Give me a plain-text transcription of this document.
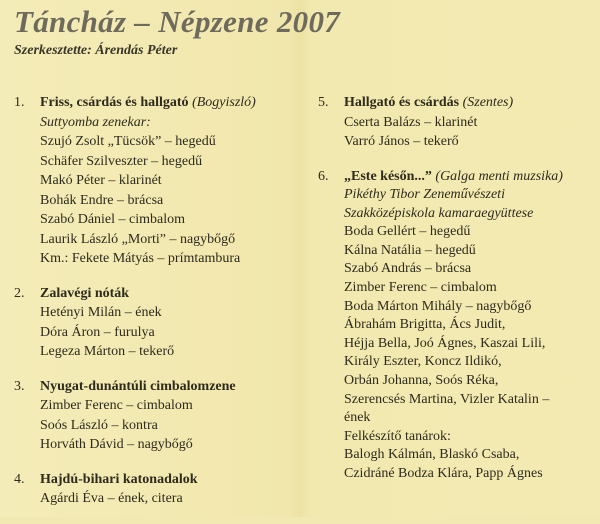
Táncház – Népzene 2007
Szerkesztette: Árendás Péter
1.	Friss, csárdás és hallgató (Bogyiszló)
Suttyomba zenekar:
Szujó Zsolt „Tücsök” – hegedű
Schäfer Szilveszter – hegedű
Makó Péter – klarinét
Bohák Endre – brácsa
Szabó Dániel – cimbalom
Laurik László „Morti” – nagybőgő
Km.: Fekete Mátyás – prímtambura
2.	Zalavégi nóták
Hetényi Milán – ének
Dóra Áron – furulya
Legeza Márton – tekerő
3.	Nyugat-dunántúli cimbalomzene
Zimber Ferenc – cimbalom
Soós László – kontra
Horváth Dávid – nagybőgő
4.	Hajdú-bihari katonadalok
Agárdi Éva – ének, citera
5.	Hallgató és csárdás (Szentes)
Cserta Balázs – klarinét
Varró János – tekerő
6.	„Este későn...” (Galga menti muzsika)
Pikéthy Tibor Zeneművészeti
Szakközépiskola kamaraegyüttese
Boda Gellért – hegedű
Kálna Natália – hegedű
Szabó András – brácsa
Zimber Ferenc – cimbalom
Boda Márton Mihály – nagybőgő
Ábrahám Brigitta, Ács Judit,
Héjja Bella, Joó Ágnes, Kaszai Lili,
Király Eszter, Koncz Ildikó,
Orbán Johanna, Soós Réka,
Szerencsés Martina, Vizler Katalin –
ének
Felkészítő tanárok:
Balogh Kálmán, Blaskó Csaba,
Czidráné Bodza Klára, Papp Ágnes
